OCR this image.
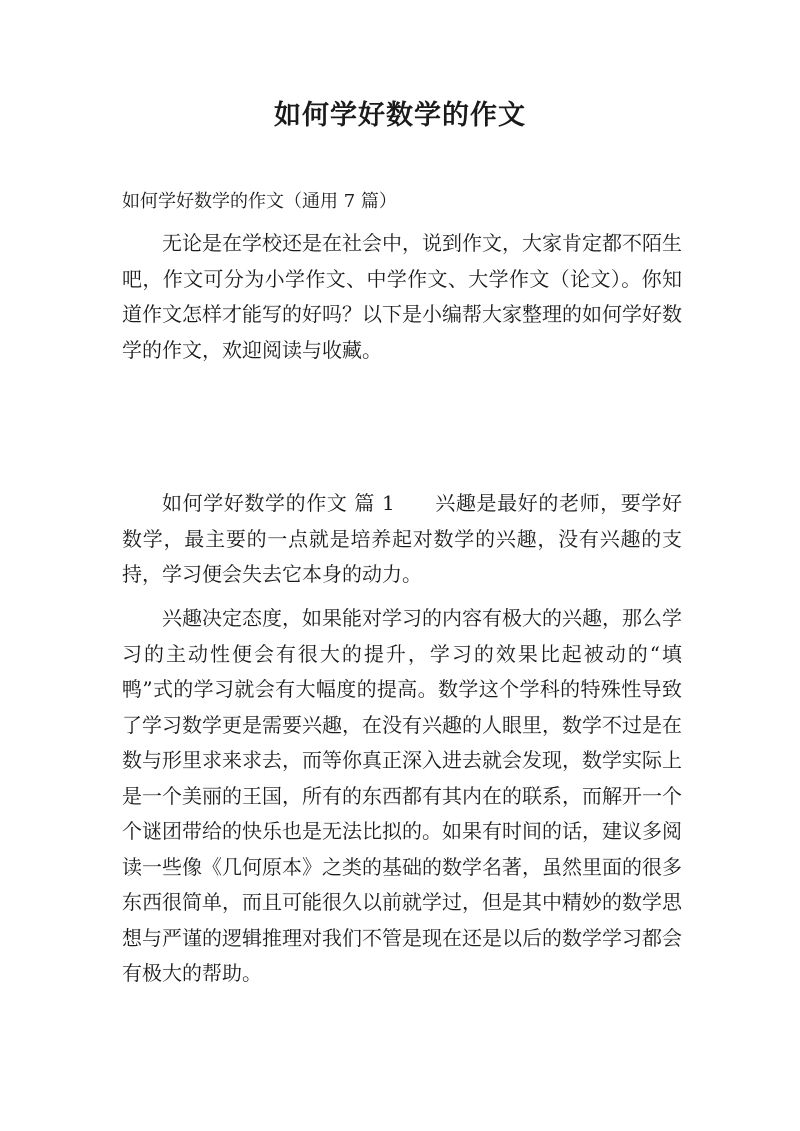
如何学好数学的作文

如何学好数学的作文（通用 7 篇）

无论是在学校还是在社会中，说到作文，大家肯定都不陌生吧，作文可分为小学作文、中学作文、大学作文（论文）。你知道作文怎样才能写的好吗？以下是小编帮大家整理的如何学好数学的作文，欢迎阅读与收藏。

如何学好数学的作文 篇 1 兴趣是最好的老师，要学好数学，最主要的一点就是培养起对数学的兴趣，没有兴趣的支持，学习便会失去它本身的动力。

兴趣决定态度，如果能对学习的内容有极大的兴趣，那么学习的主动性便会有很大的提升，学习的效果比起被动的“填鸭”式的学习就会有大幅度的提高。数学这个学科的特殊性导致了学习数学更是需要兴趣，在没有兴趣的人眼里，数学不过是在数与形里求来求去，而等你真正深入进去就会发现，数学实际上是一个美丽的王国，所有的东西都有其内在的联系，而解开一个个谜团带给的快乐也是无法比拟的。如果有时间的话，建议多阅读一些像《几何原本》之类的基础的数学名著，虽然里面的很多东西很简单，而且可能很久以前就学过，但是其中精妙的数学思想与严谨的逻辑推理对我们不管是现在还是以后的数学学习都会有极大的帮助。
